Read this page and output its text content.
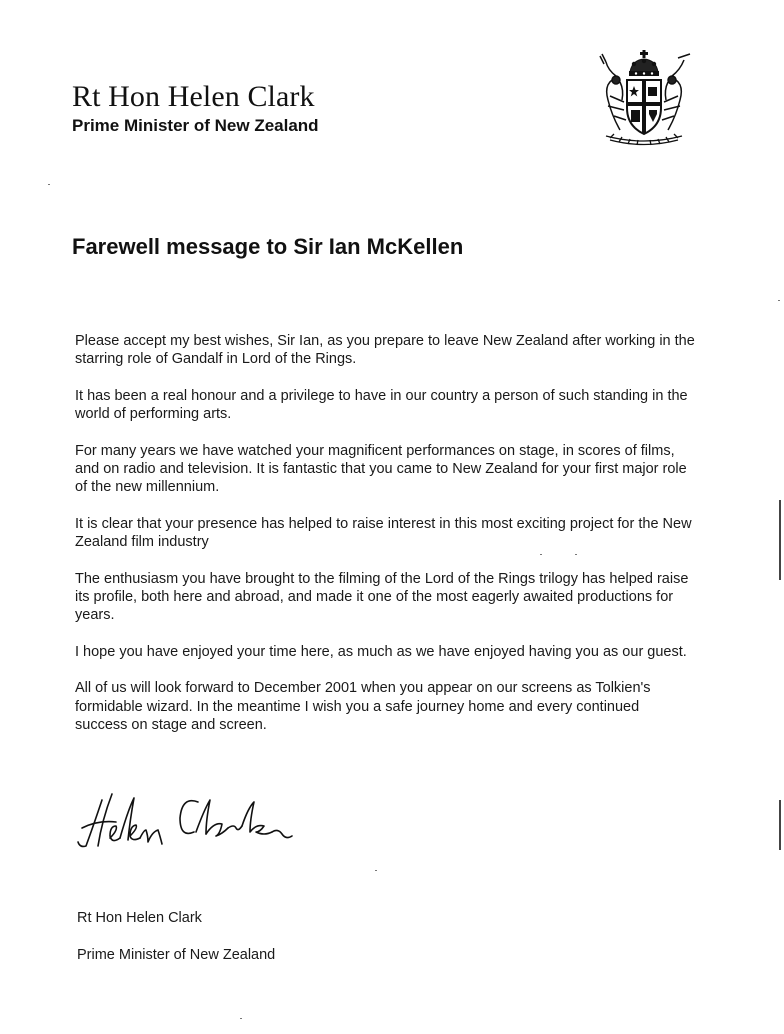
Rt Hon Helen Clark
Prime Minister of New Zealand
Farewell message to Sir Ian McKellen

Please accept my best wishes, Sir Ian, as you prepare to leave New Zealand after working in the starring role of Gandalf in Lord of the Rings.

It has been a real honour and a privilege to have in our country a person of such standing in the world of performing arts.

For many years we have watched your magnificent performances on stage, in scores of films, and on radio and television. It is fantastic that you came to New Zealand for your first major role of the new millennium.

It is clear that your presence has helped to raise interest in this most exciting project for the New Zealand film industry

The enthusiasm you have brought to the filming of the Lord of the Rings trilogy has helped raise its profile, both here and abroad, and made it one of the most eagerly awaited productions for years.

I hope you have enjoyed your time here, as much as we have enjoyed having you as our guest.

All of us will look forward to December 2001 when you appear on our screens as Tolkien's formidable wizard. In the meantime I wish you a safe journey home and every continued success on stage and screen.

Rt Hon Helen Clark
Prime Minister of New Zealand
